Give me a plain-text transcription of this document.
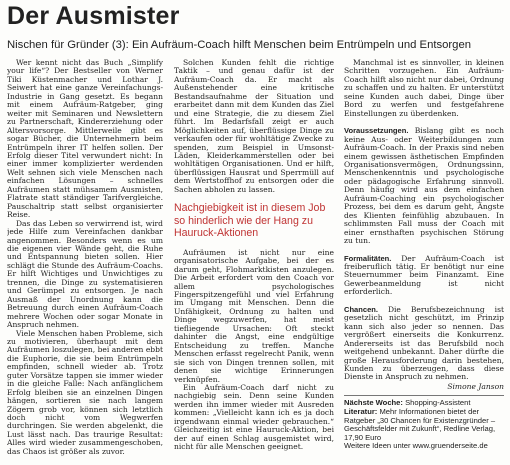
Der Ausmister
Nischen für Gründer (3): Ein Aufräum-Coach hilft Menschen beim Entrümpeln und Entsorgen

Wer kennt nicht das Buch „Simplify your life“? Der Bestseller von Werner Tiki Küstenmacher und Lothar J. Seiwert hat eine ganze Vereinfachungs-Industrie in Gang gesetzt. Es begann mit einem Aufräum-Ratgeber, ging weiter mit Seminaren und Newslettern zu Partnerschaft, Kindererziehung oder Altersvorsorge. Mittlerweile gibt es sogar Bücher, die Unternehmern beim Entrümpeln ihrer IT helfen sollen. Der Erfolg dieser Titel verwundert nicht: In einer immer komplizierter werdenden Welt sehnen sich viele Menschen nach einfachen Lösungen – schnelles Aufräumen statt mühsamem Ausmisten, Flatrate statt ständiger Tarifvergleiche. Pauschaltrip statt selbst organisierter Reise.

Das das Leben so verwirrend ist, wird jede Hilfe zum Vereinfachen dankbar angenommen. Besonders wenn es um die eigenen vier Wände geht, die Ruhe und Entspannung bieten sollen. Hier schlägt die Stunde des Aufräum-Coachs. Er hilft Wichtiges und Unwichtiges zu trennen, die Dinge zu systematisieren und Gerümpel zu entsorgen. Je nach Ausmaß der Unordnung kann die Betreuung durch einen Aufräum-Coach mehrere Wochen oder sogar Monate in Anspruch nehmen.

Viele Menschen haben Probleme, sich zu motivieren, überhaupt mit dem Aufräumen loszulegen, bei anderen ebbt die Euphorie, die sie beim Entrümpeln empfinden, schnell wieder ab. Trotz guter Vorsätze tappen sie immer wieder in die gleiche Falle: Nach anfänglichem Erfolg bleiben sie an einzelnen Dingen hängen, sortieren sie nach langem Zögern grob vor, können sich letztlich doch nicht vom Wegwerfen durchringen. Sie werden abgelenkt, die Lust lässt nach. Das traurige Resultat: Alles wird wieder zusammengeschoben, das Chaos ist größer als zuvor.

Solchen Kunden fehlt die richtige Taktik – und genau dafür ist der Aufräum-Coach da. Er macht als Außenstehender eine kritische Bestandsaufnahme der Situation und erarbeitet dann mit dem Kunden das Ziel und eine Strategie, die zu diesem Ziel führt. Im Bedarfsfall zeigt er auch Möglichkeiten auf, überflüssige Dinge zu verkaufen oder für wohltätige Zwecke zu spenden, zum Beispiel in Umsonst-Läden, Kleiderkammerstellen oder bei wohltätigen Organisationen. Und er hilft, überflüssigen Hausrat und Sperrmüll auf dem Wertstoffhof zu entsorgen oder die Sachen abholen zu lassen.

Nachgiebigkeit ist in diesem Job so hinderlich wie der Hang zu Hauruck-Aktionen

Aufräumen ist nicht nur eine organisatorische Aufgabe, bei der es darum geht, Flohmarktkisten anzulegen. Die Arbeit erfordert vom den Coach vor allem psychologisches Fingerspitzengefühl und viel Erfahrung im Umgang mit Menschen. Denn die Unfähigkeit, Ordnung zu halten und Dinge wegzuwerfen, hat meist tiefliegende Ursachen: Oft steckt dahinter die Angst, eine endgültige Entscheidung zu treffen. Manche Menschen erfasst regelrecht Panik, wenn sie sich von Dingen trennen sollen, mit denen sie wichtige Erinnerungen verknüpfen.

Ein Aufräum-Coach darf nicht zu nachgiebig sein. Denn seine Kunden werden ihn immer wieder mit Ausreden kommen: „Vielleicht kann ich es ja doch irgendwann einmal wieder gebrauchen.“ Gleichzeitig ist eine Hauruck-Aktion, bei der auf einen Schlag ausgemistet wird, nicht für alle Menschen geeignet.

Manchmal ist es sinnvoller, in kleinen Schritten vorzugehen. Ein Aufräum-Coach hilft also nicht nur dabei, Ordnung zu schaffen und zu halten. Er unterstützt seine Kunden auch dabei, Dinge über Bord zu werfen und festgefahrene Einstellungen zu überdenken.

Voraussetzungen. Bislang gibt es noch keine Aus- oder Weiterbildungen zum Aufräum-Coach. In der Praxis sind neben einem gewissen ästhetischen Empfinden Organisationsvermögen, Ordnungssinn, Menschenkenntnis und psychologische oder pädagogische Erfahrung sinnvoll. Denn häufig wird aus dem einfachen Aufräum-Coaching ein psychologischer Prozess, bei dem es darum geht, Ängste des Klienten feinfühlig abzubauen. In schlimmsten Fall muss der Coach mit einer ernsthaften psychischen Störung zu tun.

Formalitäten. Der Aufräum-Coach ist freiberuflich tätig. Er benötigt nur eine Steuernummer beim Finanzamt. Eine Gewerbeanmeldung ist nicht erforderlich.

Chancen. Die Berufsbezeichnung ist gesetzlich nicht geschützt, im Prinzip kann sich also jeder so nennen. Das vergrößert einerseits die Konkurrenz. Andererseits ist das Berufsbild noch weitgehend unbekannt. Daher dürfte die große Herausforderung darin bestehen, Kunden zu überzeugen, dass diese Dienste in Anspruch zu nehmen.

Simone Janson

Nächste Woche: Shopping-Assistent Literatur: Mehr Informationen bietet der Ratgeber „30 Chancen für Existenzgründer – Geschäftsfelder mit Zukunft“, Redline Verlag, 17,90 Euro

Weitere Ideen unter www.gruenderseite.de
